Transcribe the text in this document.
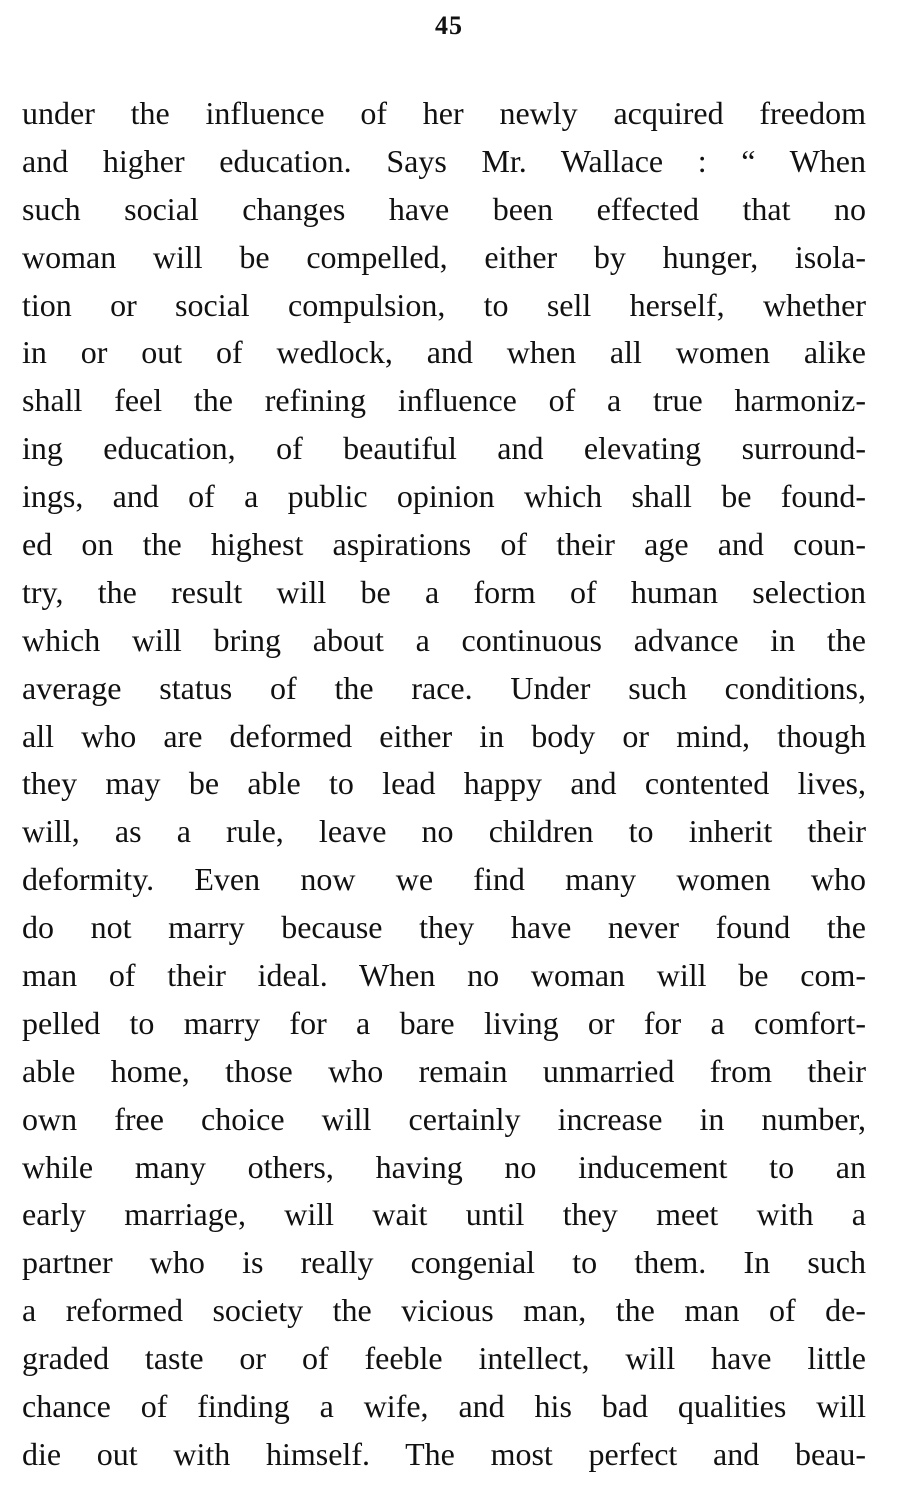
45
under the influence of her newly acquired freedom
and higher education. Says Mr. Wallace : “ When
such social changes have been effected that no
woman will be compelled, either by hunger, isola-
tion or social compulsion, to sell herself, whether
in or out of wedlock, and when all women alike
shall feel the refining influence of a true harmoniz-
ing education, of beautiful and elevating surround-
ings, and of a public opinion which shall be found-
ed on the highest aspirations of their age and coun-
try, the result will be a form of human selection
which will bring about a continuous advance in the
average status of the race. Under such conditions,
all who are deformed either in body or mind, though
they may be able to lead happy and contented lives,
will, as a rule, leave no children to inherit their
deformity. Even now we find many women who
do not marry because they have never found the
man of their ideal. When no woman will be com-
pelled to marry for a bare living or for a comfort-
able home, those who remain unmarried from their
own free choice will certainly increase in number,
while many others, having no inducement to an
early marriage, will wait until they meet with a
partner who is really congenial to them. In such
a reformed society the vicious man, the man of de-
graded taste or of feeble intellect, will have little
chance of finding a wife, and his bad qualities will
die out with himself. The most perfect and beau-
